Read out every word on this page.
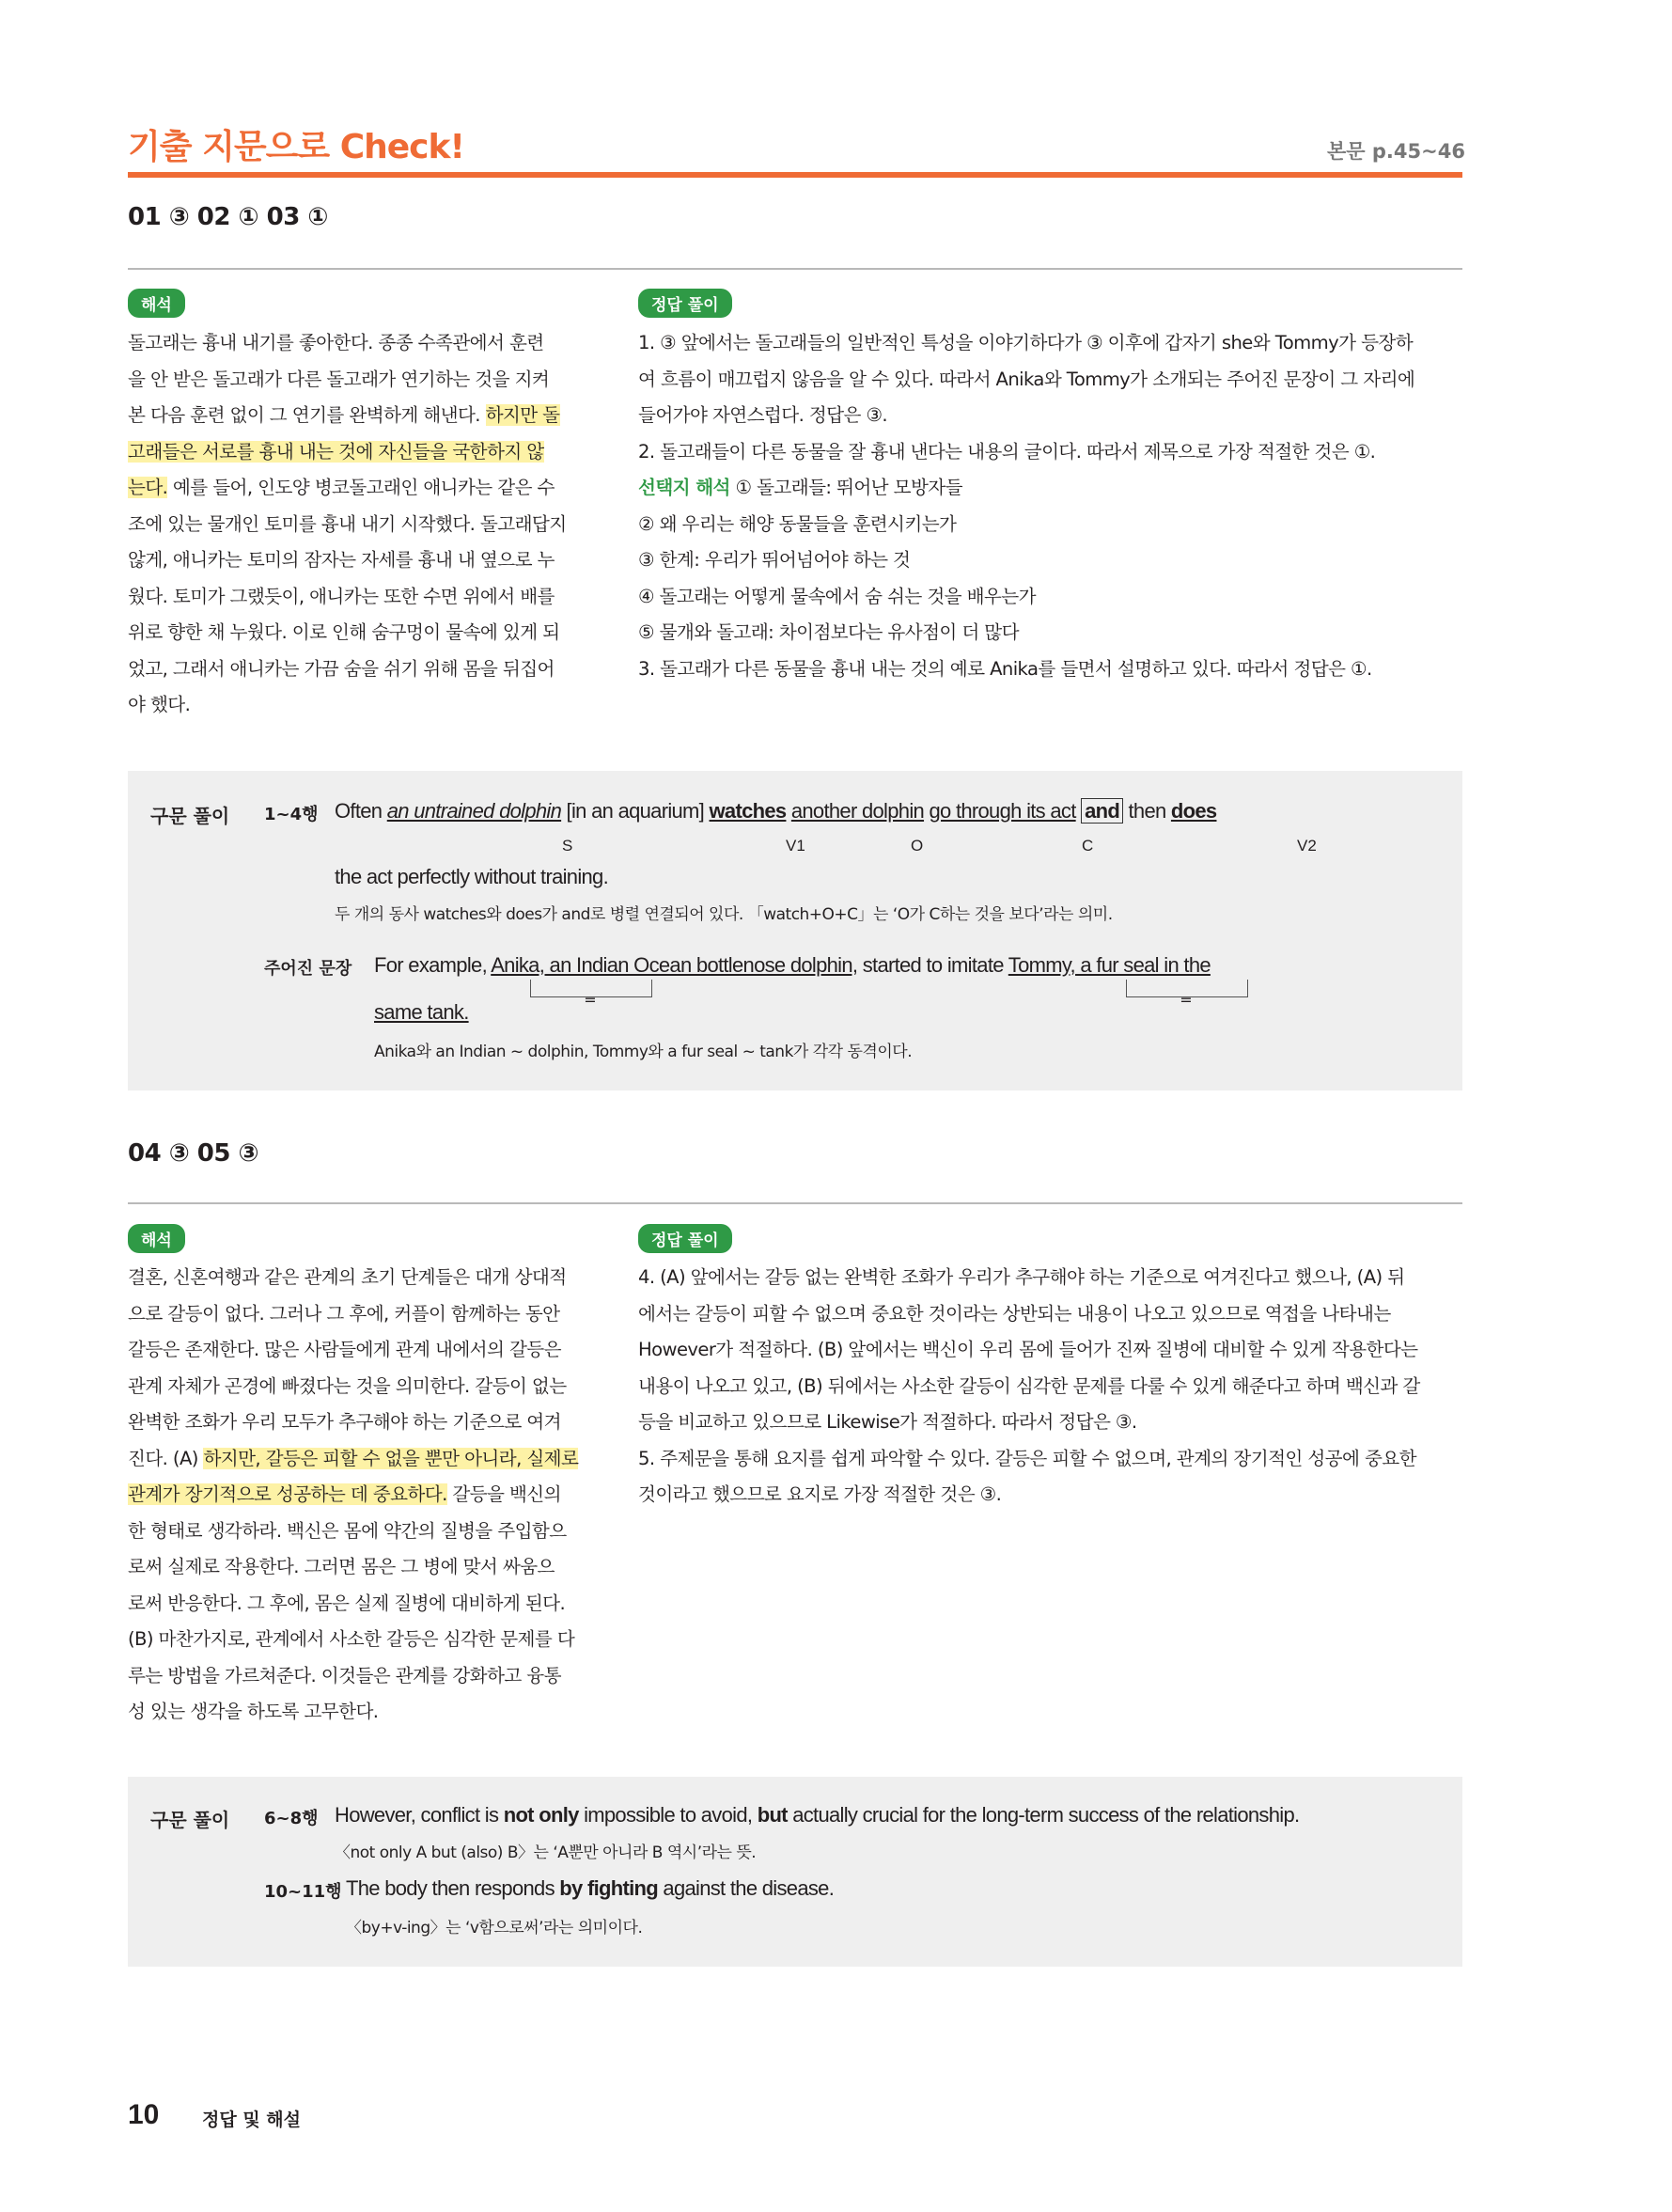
기출 지문으로 Check!	본문 p.45~46
01 ③ 02 ① 03 ①
해석
돌고래는 흉내 내기를 좋아한다. 종종 수족관에서 훈련
을 안 받은 돌고래가 다른 돌고래가 연기하는 것을 지켜
본 다음 훈련 없이 그 연기를 완벽하게 해낸다. 하지만 돌
고래들은 서로를 흉내 내는 것에 자신들을 국한하지 않
는다. 예를 들어, 인도양 병코돌고래인 애니카는 같은 수
조에 있는 물개인 토미를 흉내 내기 시작했다. 돌고래답지
않게, 애니카는 토미의 잠자는 자세를 흉내 내 옆으로 누
웠다. 토미가 그랬듯이, 애니카는 또한 수면 위에서 배를
위로 향한 채 누웠다. 이로 인해 숨구멍이 물속에 있게 되
었고, 그래서 애니카는 가끔 숨을 쉬기 위해 몸을 뒤집어
야 했다.
정답 풀이
1. ③ 앞에서는 돌고래들의 일반적인 특성을 이야기하다가 ③ 이후에 갑자기 she와 Tommy가 등장하
여 흐름이 매끄럽지 않음을 알 수 있다. 따라서 Anika와 Tommy가 소개되는 주어진 문장이 그 자리에
들어가야 자연스럽다. 정답은 ③.
2. 돌고래들이 다른 동물을 잘 흉내 낸다는 내용의 글이다. 따라서 제목으로 가장 적절한 것은 ①.
선택지 해석 ① 돌고래들: 뛰어난 모방자들
② 왜 우리는 해양 동물들을 훈련시키는가
③ 한계: 우리가 뛰어넘어야 하는 것
④ 돌고래는 어떻게 물속에서 숨 쉬는 것을 배우는가
⑤ 물개와 돌고래: 차이점보다는 유사점이 더 많다
3. 돌고래가 다른 동물을 흉내 내는 것의 예로 Anika를 들면서 설명하고 있다. 따라서 정답은 ①.
구문 풀이 1~4행 Often an untrained dolphin [in an aquarium] watches another dolphin go through its act and then does
S	V1	O	C	V2
the act perfectly without training.
두 개의 동사 watches와 does가 and로 병렬 연결되어 있다. 「watch+O+C」는 ‘O가 C하는 것을 보다’라는 의미.
주어진 문장 For example, Anika, an Indian Ocean bottlenose dolphin, started to imitate Tommy, a fur seal in the
=	=
same tank.
Anika와 an Indian ~ dolphin, Tommy와 a fur seal ~ tank가 각각 동격이다.
04 ③ 05 ③
해석
결혼, 신혼여행과 같은 관계의 초기 단계들은 대개 상대적
으로 갈등이 없다. 그러나 그 후에, 커플이 함께하는 동안
갈등은 존재한다. 많은 사람들에게 관계 내에서의 갈등은
관계 자체가 곤경에 빠졌다는 것을 의미한다. 갈등이 없는
완벽한 조화가 우리 모두가 추구해야 하는 기준으로 여겨
진다. (A) 하지만, 갈등은 피할 수 없을 뿐만 아니라, 실제로
관계가 장기적으로 성공하는 데 중요하다. 갈등을 백신의
한 형태로 생각하라. 백신은 몸에 약간의 질병을 주입함으
로써 실제로 작용한다. 그러면 몸은 그 병에 맞서 싸움으
로써 반응한다. 그 후에, 몸은 실제 질병에 대비하게 된다.
(B) 마찬가지로, 관계에서 사소한 갈등은 심각한 문제를 다
루는 방법을 가르쳐준다. 이것들은 관계를 강화하고 융통
성 있는 생각을 하도록 고무한다.
정답 풀이
4. (A) 앞에서는 갈등 없는 완벽한 조화가 우리가 추구해야 하는 기준으로 여겨진다고 했으나, (A) 뒤
에서는 갈등이 피할 수 없으며 중요한 것이라는 상반되는 내용이 나오고 있으므로 역접을 나타내는
However가 적절하다. (B) 앞에서는 백신이 우리 몸에 들어가 진짜 질병에 대비할 수 있게 작용한다는
내용이 나오고 있고, (B) 뒤에서는 사소한 갈등이 심각한 문제를 다룰 수 있게 해준다고 하며 백신과 갈
등을 비교하고 있으므로 Likewise가 적절하다. 따라서 정답은 ③.
5. 주제문을 통해 요지를 쉽게 파악할 수 있다. 갈등은 피할 수 없으며, 관계의 장기적인 성공에 중요한
것이라고 했으므로 요지로 가장 적절한 것은 ③.
구문 풀이 6~8행 However, conflict is not only impossible to avoid, but actually crucial for the long-term success of the relationship.
〈not only A but (also) B〉는 ‘A뿐만 아니라 B 역시’라는 뜻.
10~11행 The body then responds by fighting against the disease.
〈by+v-ing〉는 ‘v함으로써’라는 의미이다.
10 정답 및 해설
